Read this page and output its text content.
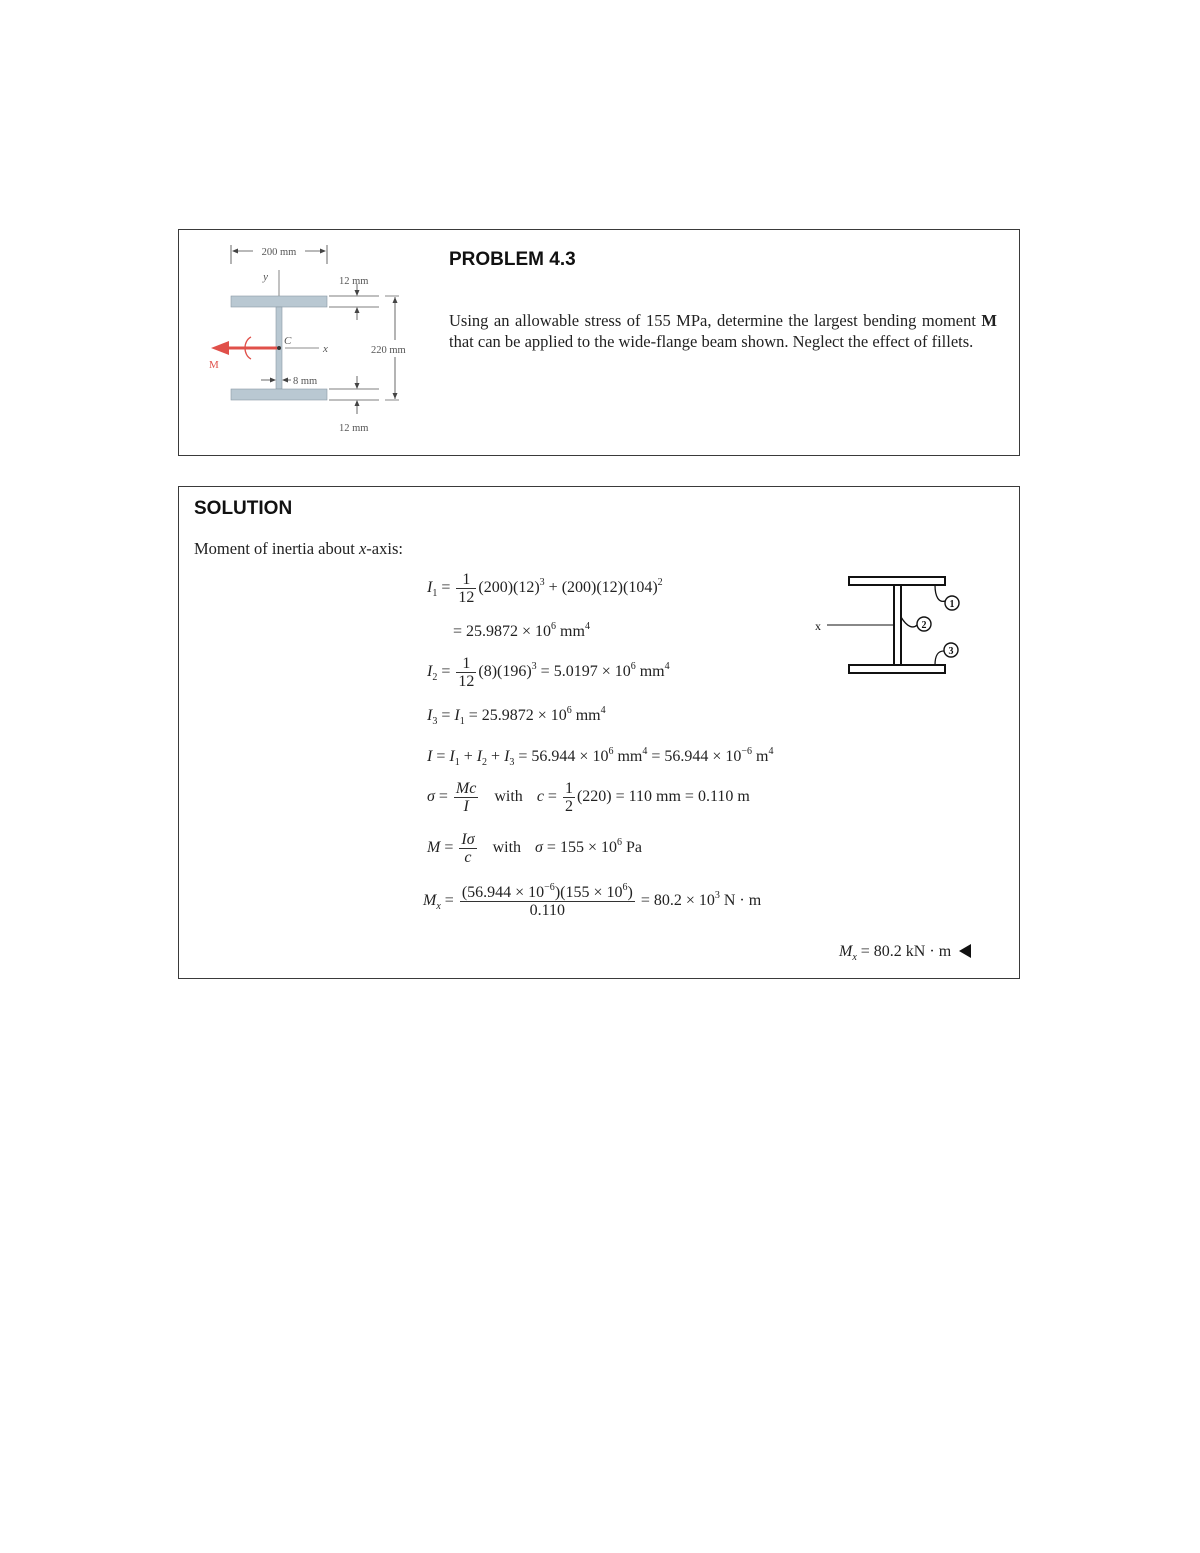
200 mm
y
C
x
M
12 mm
220 mm
8 mm
12 mm
PROBLEM 4.3

Using an allowable stress of 155 MPa, determine the largest bending moment M that can be applied to the wide-flange beam shown. Neglect the effect of fillets.

SOLUTION
Moment of inertia about x-axis:
x
1
2
3
$I_1 = \frac{1}{12} (200)(12)^3 + (200)(12)(104)^2$
= $25.9872 \times 10^6$ $mm^4$
$I_2 = \frac{1}{12} (8)(196)^3 = 5.0197 \times 10^6$ $mm^4$
$I_3 = I_1 = 25.9872 \times 10^6$ $mm^4$
$I = I_1 + I_2 + I_3 = 56.944 \times 10^6$ $mm^4 = 56.944 \times 10^{-6}$ $m^4$
$\sigma = \frac{Mc}{I}$ with $c = \frac{1}{2} (220) = 110$ mm = 0.110 m
$M = \frac{I\sigma}{c}$ with $\sigma = 155 \times 10^6$ Pa
$M_x = \frac{(56.944 \times 10^{-6})(155 \times 10^6)}{0.110} = 80.2 \times 10^3$ N · m
$M_x = 80.2$ kN · m
